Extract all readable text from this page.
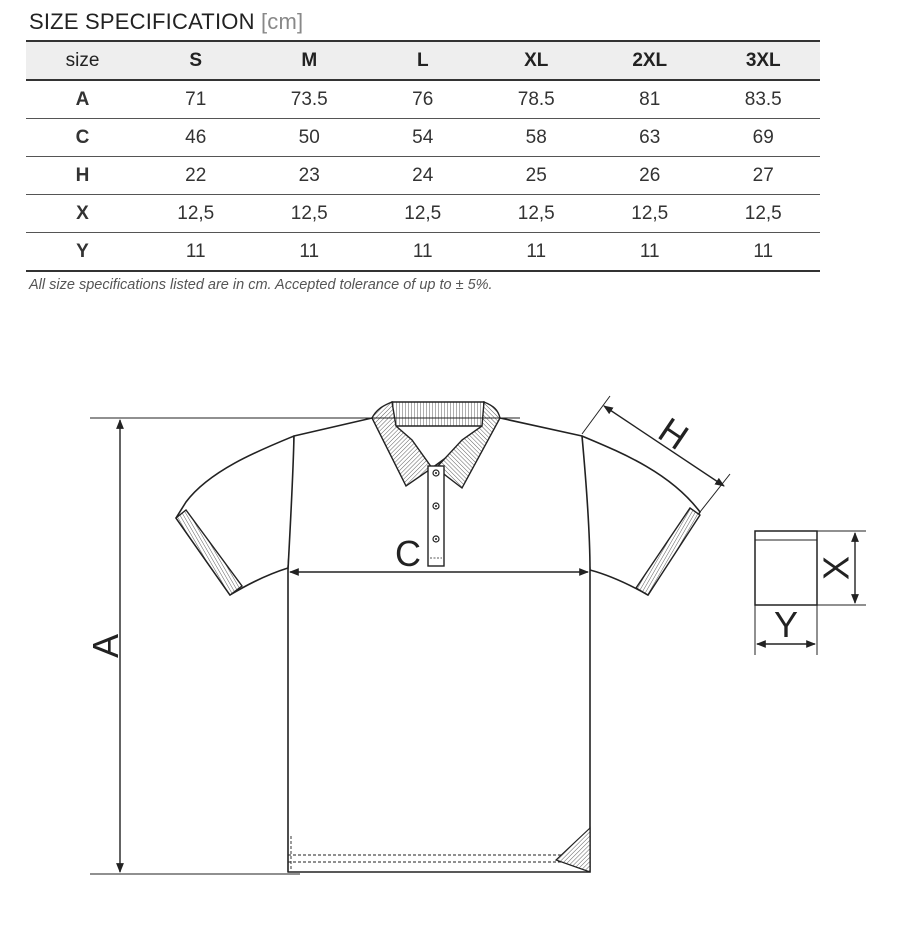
SIZE SPECIFICATION [cm]
size	S	M	L	XL	2XL	3XL
A	71	73.5	76	78.5	81	83.5
C	46	50	54	58	63	69
H	22	23	24	25	26	27
X	12,5	12,5	12,5	12,5	12,5	12,5
Y	11	11	11	11	11	11
All size specifications listed are in cm. Accepted tolerance of up to ± 5%.
A
C
H
X
Y
